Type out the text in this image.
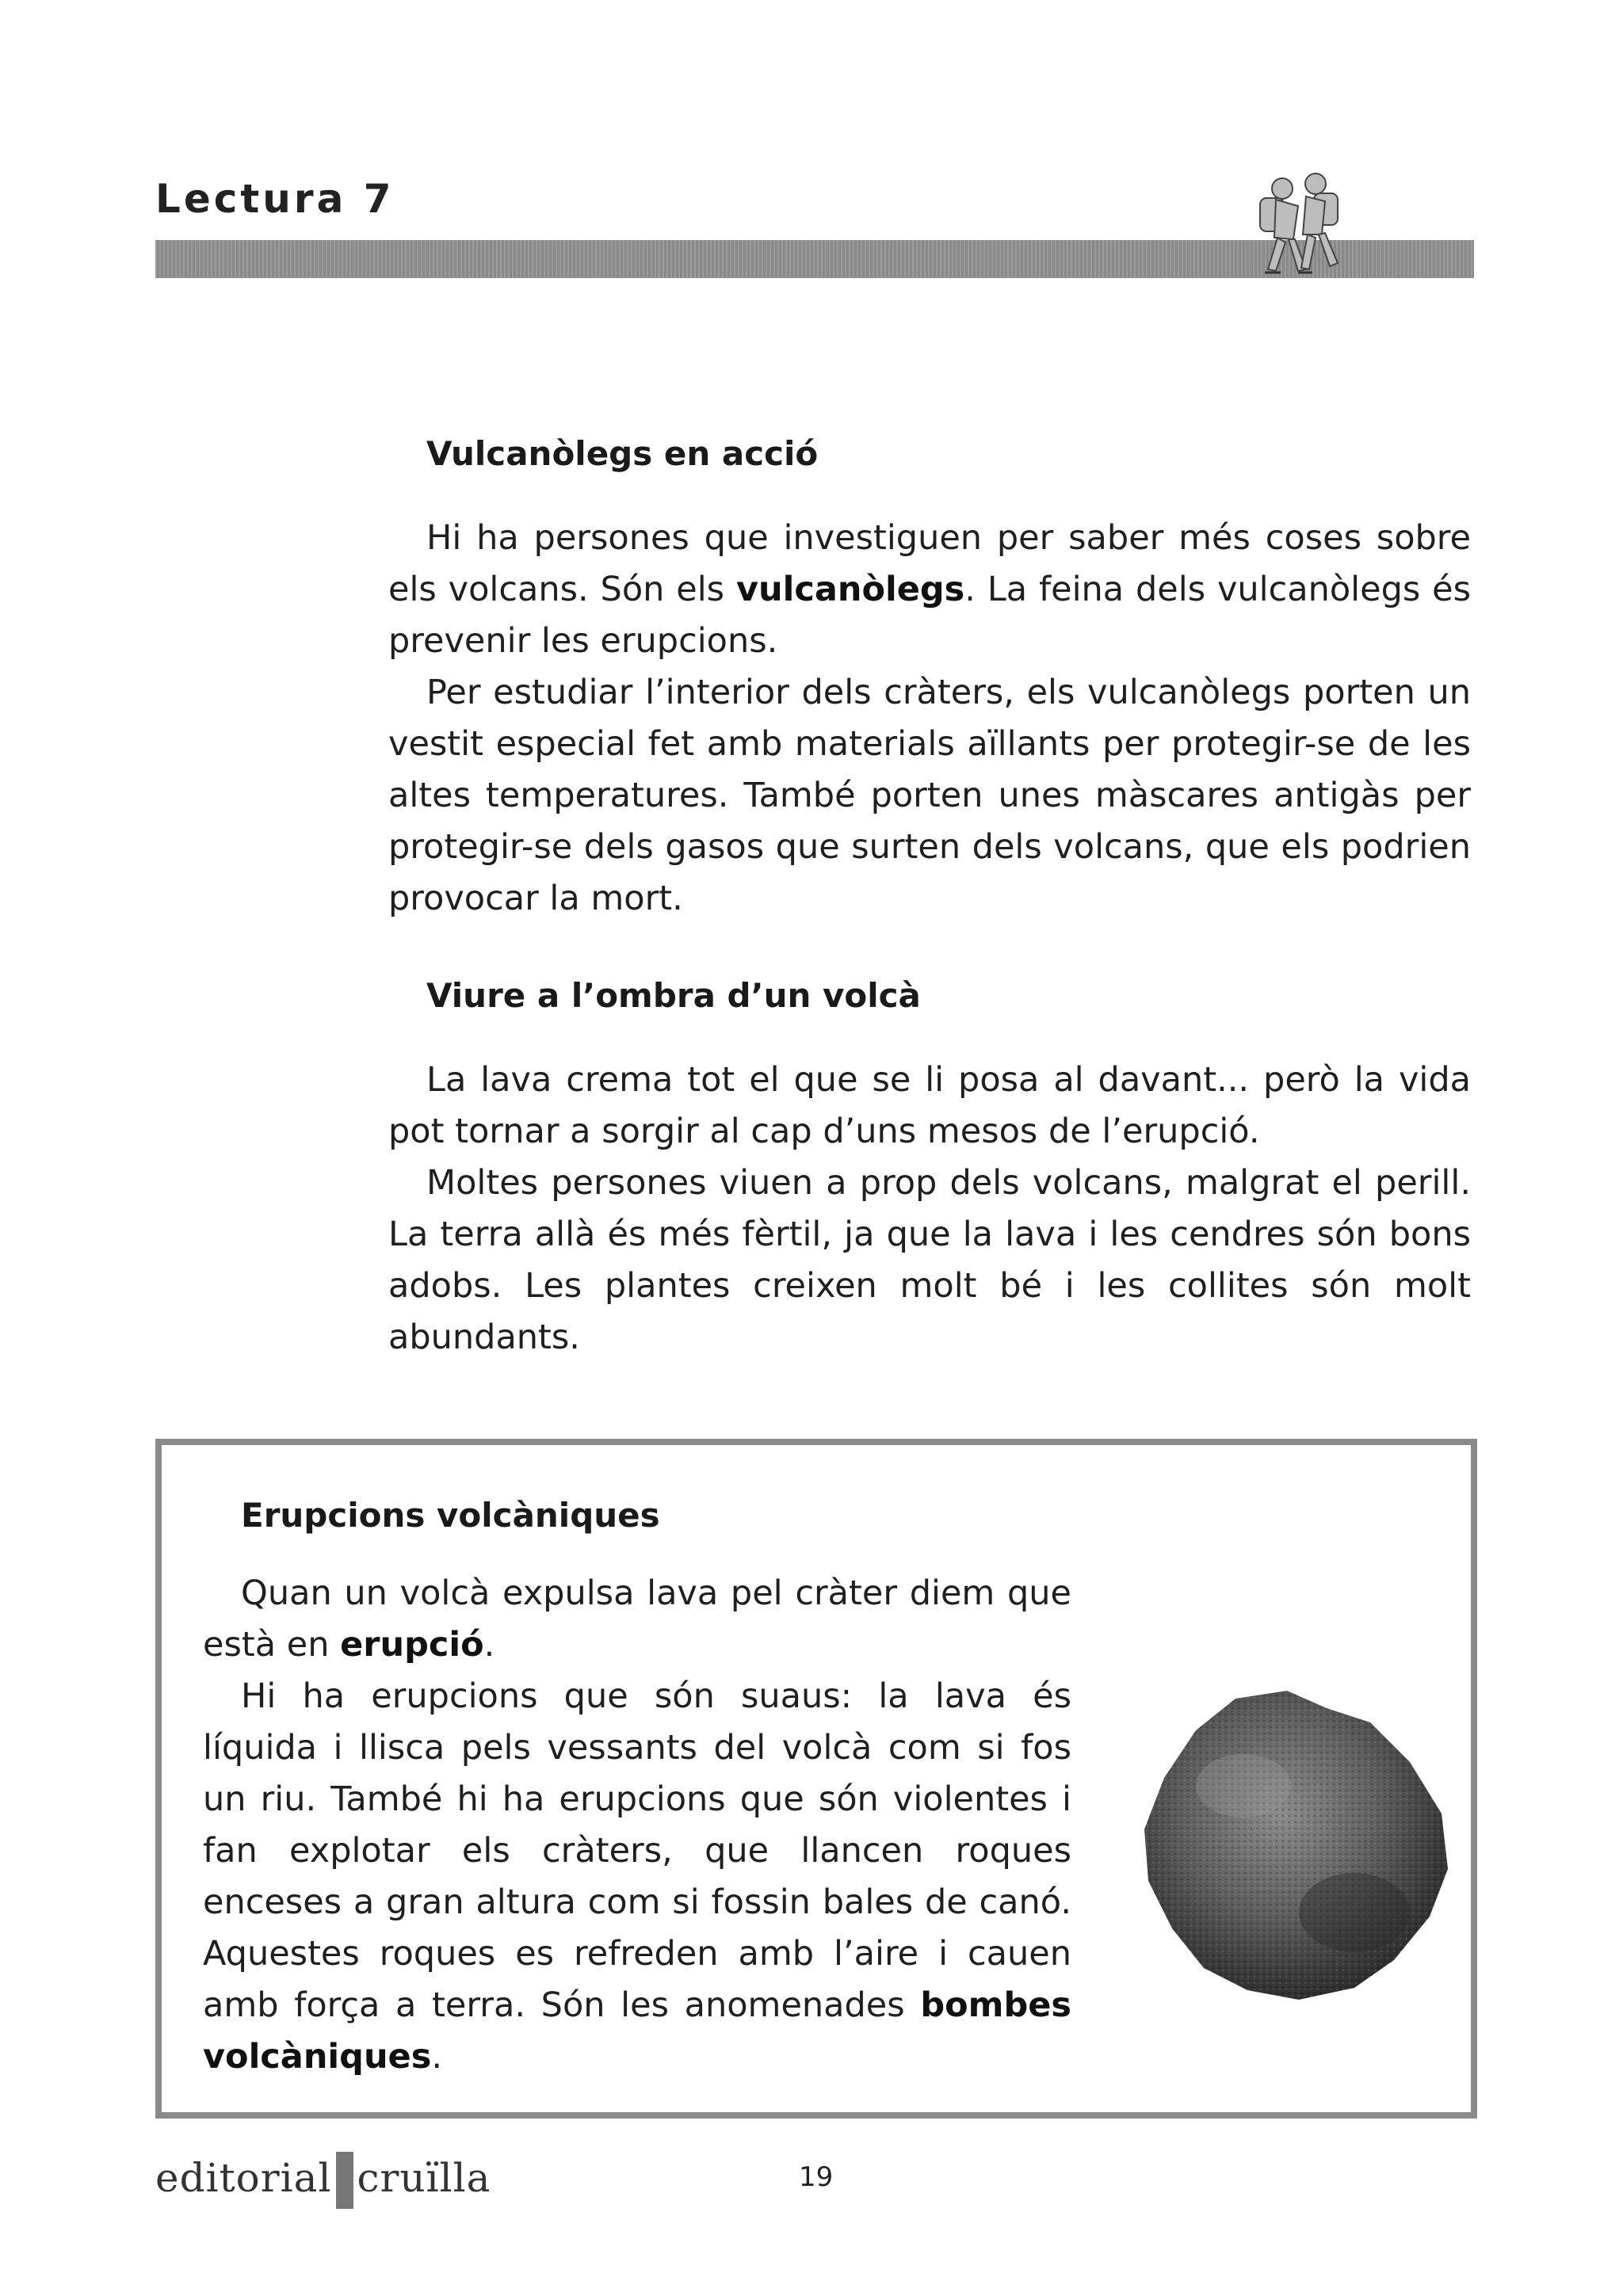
Lectura 7
Vulcanòlegs en acció

Hi ha persones que investiguen per saber més coses sobre els volcans. Són els vulcanòlegs. La feina dels vulcanòlegs és prevenir les erupcions.

Per estudiar l’interior dels cràters, els vulcanòlegs porten un vestit especial fet amb materials aïllants per protegir-se de les altes temperatures. També porten unes màscares antigàs per protegir-se dels gasos que surten dels volcans, que els podrien provocar la mort.

Viure a l’ombra d’un volcà

La lava crema tot el que se li posa al davant... però la vida pot tornar a sorgir al cap d’uns mesos de l’erupció.

Moltes persones viuen a prop dels volcans, malgrat el perill. La terra allà és més fèrtil, ja que la lava i les cendres són bons adobs. Les plantes creixen molt bé i les collites són molt abundants.

Erupcions volcàniques

Quan un volcà expulsa lava pel cràter diem que està en erupció.

Hi ha erupcions que són suaus: la lava és líquida i llisca pels vessants del volcà com si fos un riu. També hi ha erupcions que són violentes i fan explotar els cràters, que llancen roques enceses a gran altura com si fossin bales de canó. Aquestes roques es refreden amb l’aire i cauen amb força a terra. Són les anomenades bombes volcàniques.

editorial cruïlla	19
